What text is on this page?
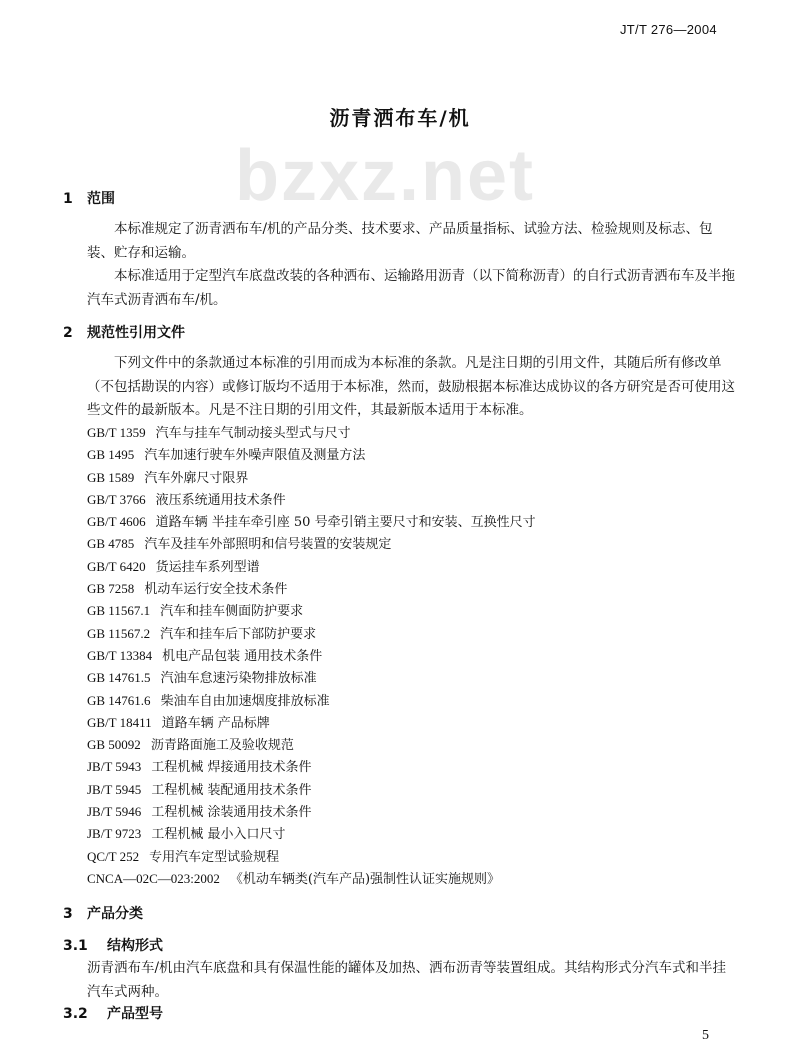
JT/T 276—2004
bzxz.net
沥青洒布车/机
1 范围
本标准规定了沥青洒布车/机的产品分类、技术要求、产品质量指标、试验方法、检验规则及标志、包装、贮存和运输。
本标准适用于定型汽车底盘改装的各种洒布、运输路用沥青（以下简称沥青）的自行式沥青洒布车及半拖汽车式沥青洒布车/机。
2 规范性引用文件
下列文件中的条款通过本标准的引用而成为本标准的条款。凡是注日期的引用文件，其随后所有修改单（不包括勘误的内容）或修订版均不适用于本标准，然而，鼓励根据本标准达成协议的各方研究是否可使用这些文件的最新版本。凡是不注日期的引用文件，其最新版本适用于本标准。
GB/T 1359 汽车与挂车气制动接头型式与尺寸
GB 1495 汽车加速行驶车外噪声限值及测量方法
GB 1589 汽车外廓尺寸限界
GB/T 3766 液压系统通用技术条件
GB/T 4606 道路车辆 半挂车牵引座 50 号牵引销主要尺寸和安装、互换性尺寸
GB 4785 汽车及挂车外部照明和信号装置的安装规定
GB/T 6420 货运挂车系列型谱
GB 7258 机动车运行安全技术条件
GB 11567.1 汽车和挂车侧面防护要求
GB 11567.2 汽车和挂车后下部防护要求
GB/T 13384 机电产品包装 通用技术条件
GB 14761.5 汽油车怠速污染物排放标准
GB 14761.6 柴油车自由加速烟度排放标准
GB/T 18411 道路车辆 产品标牌
GB 50092 沥青路面施工及验收规范
JB/T 5943 工程机械 焊接通用技术条件
JB/T 5945 工程机械 装配通用技术条件
JB/T 5946 工程机械 涂装通用技术条件
JB/T 9723 工程机械 最小入口尺寸
QC/T 252 专用汽车定型试验规程
CNCA—02C—023:2002 《机动车辆类(汽车产品)强制性认证实施规则》
3 产品分类
3.1 结构形式
沥青洒布车/机由汽车底盘和具有保温性能的罐体及加热、洒布沥青等装置组成。其结构形式分汽车式和半挂汽车式两种。
3.2 产品型号
5
